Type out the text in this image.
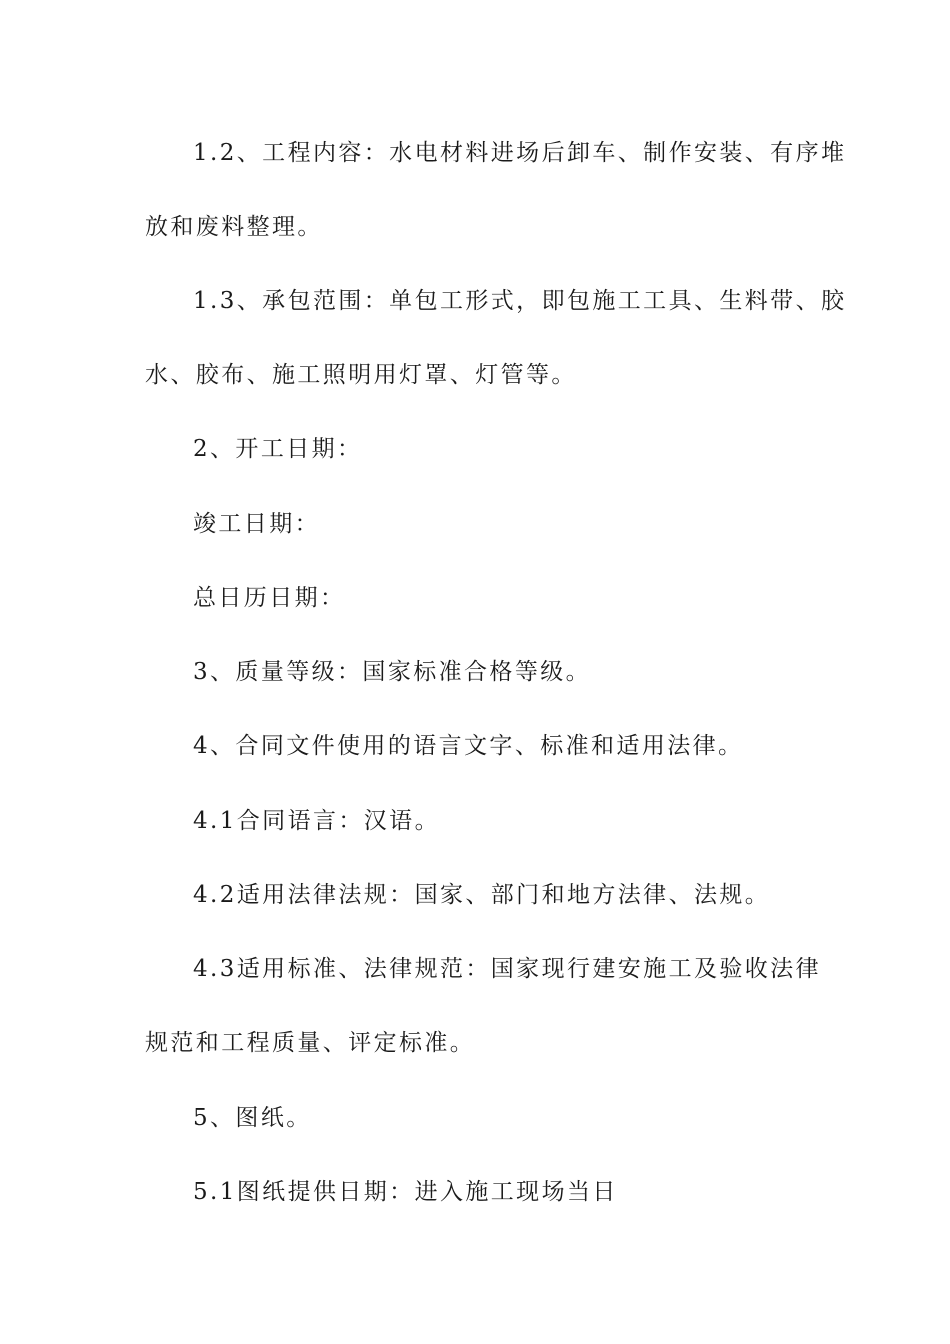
1.2、工程内容：水电材料进场后卸车、制作安装、有序堆

放和废料整理。

1.3、承包范围：单包工形式，即包施工工具、生料带、胶

水、胶布、施工照明用灯罩、灯管等。

2、开工日期：

竣工日期：

总日历日期：

3、质量等级：国家标准合格等级。

4、合同文件使用的语言文字、标准和适用法律。

4.1合同语言：汉语。

4.2适用法律法规：国家、部门和地方法律、法规。

4.3适用标准、法律规范：国家现行建安施工及验收法律

规范和工程质量、评定标准。

5、图纸。

5.1图纸提供日期：进入施工现场当日
